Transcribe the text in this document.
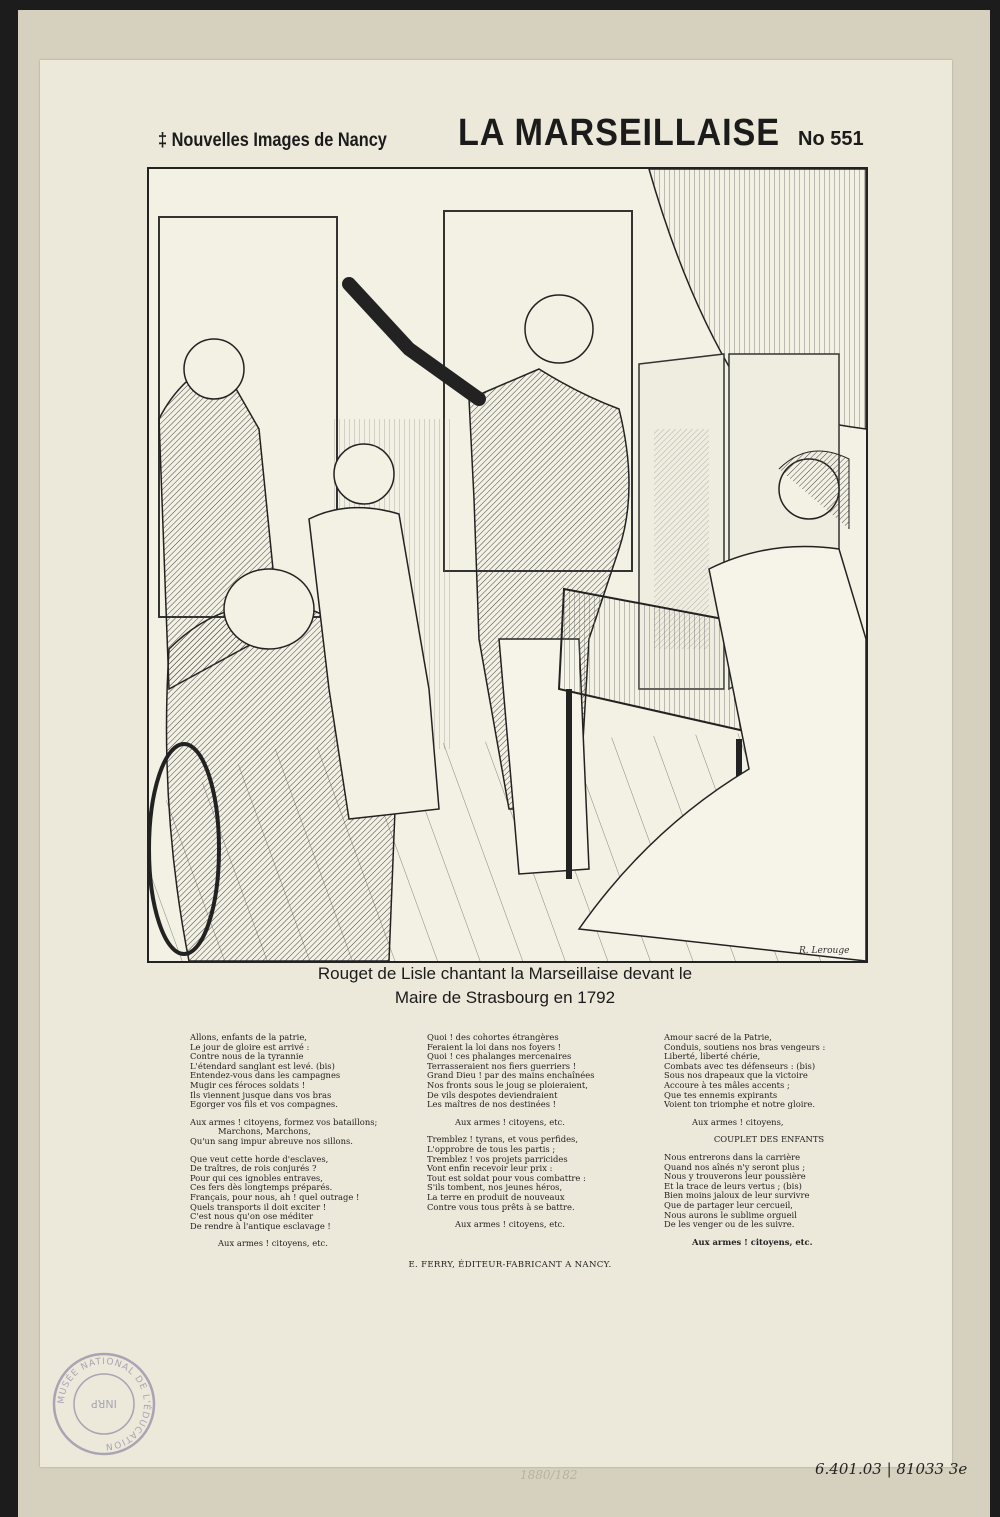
‡ Nouvelles Images de Nancy LA MARSEILLAISE No 551
R. Lerouge
Rouget de Lisle chantant la Marseillaise devant le
Maire de Strasbourg en 1792

Allons, enfants de la patrie,

Le jour de gloire est arrivé :

Contre nous de la tyrannie

L'étendard sanglant est levé. (bis)

Entendez-vous dans les campagnes

Mugir ces féroces soldats !

Ils viennent jusque dans vos bras

Egorger vos fils et vos compagnes.

Aux armes ! citoyens, formez vos bataillons;

Marchons, Marchons,

Qu'un sang impur abreuve nos sillons.

Que veut cette horde d'esclaves,

De traîtres, de rois conjurés ?

Pour qui ces ignobles entraves,

Ces fers dès longtemps préparés.

Français, pour nous, ah ! quel outrage !

Quels transports il doit exciter !

C'est nous qu'on ose méditer

De rendre à l'antique esclavage !

Aux armes ! citoyens, etc.

Quoi ! des cohortes étrangères

Feraient la loi dans nos foyers !

Quoi ! ces phalanges mercenaires

Terrasseraient nos fiers guerriers !

Grand Dieu ! par des mains enchaînées

Nos fronts sous le joug se ploieraient,

De vils despotes deviendraient

Les maîtres de nos destinées !

Aux armes ! citoyens, etc.

Tremblez ! tyrans, et vous perfides,

L'opprobre de tous les partis ;

Tremblez ! vos projets parricides

Vont enfin recevoir leur prix :

Tout est soldat pour vous combattre :

S'ils tombent, nos jeunes héros,

La terre en produit de nouveaux

Contre vous tous prêts à se battre.

Aux armes ! citoyens, etc.

Amour sacré de la Patrie,

Conduis, soutiens nos bras vengeurs :

Liberté, liberté chérie,

Combats avec tes défenseurs : (bis)

Sous nos drapeaux que la victoire

Accoure à tes mâles accents ;

Que tes ennemis expirants

Voient ton triomphe et notre gloire.

Aux armes ! citoyens,

COUPLET DES ENFANTS

Nous entrerons dans la carrière

Quand nos aînés n'y seront plus ;

Nous y trouverons leur poussière

Et la trace de leurs vertus ; (bis)

Bien moins jaloux de leur survivre

Que de partager leur cercueil,

Nous aurons le sublime orgueil

De les venger ou de les suivre.

Aux armes ! citoyens, etc.

E. FERRY, ÉDITEUR-FABRICANT A NANCY.
MUSÉE NATIONAL DE L'ÉDUCATION
INRP
1880/182	6.401.03 | 81033 3e
